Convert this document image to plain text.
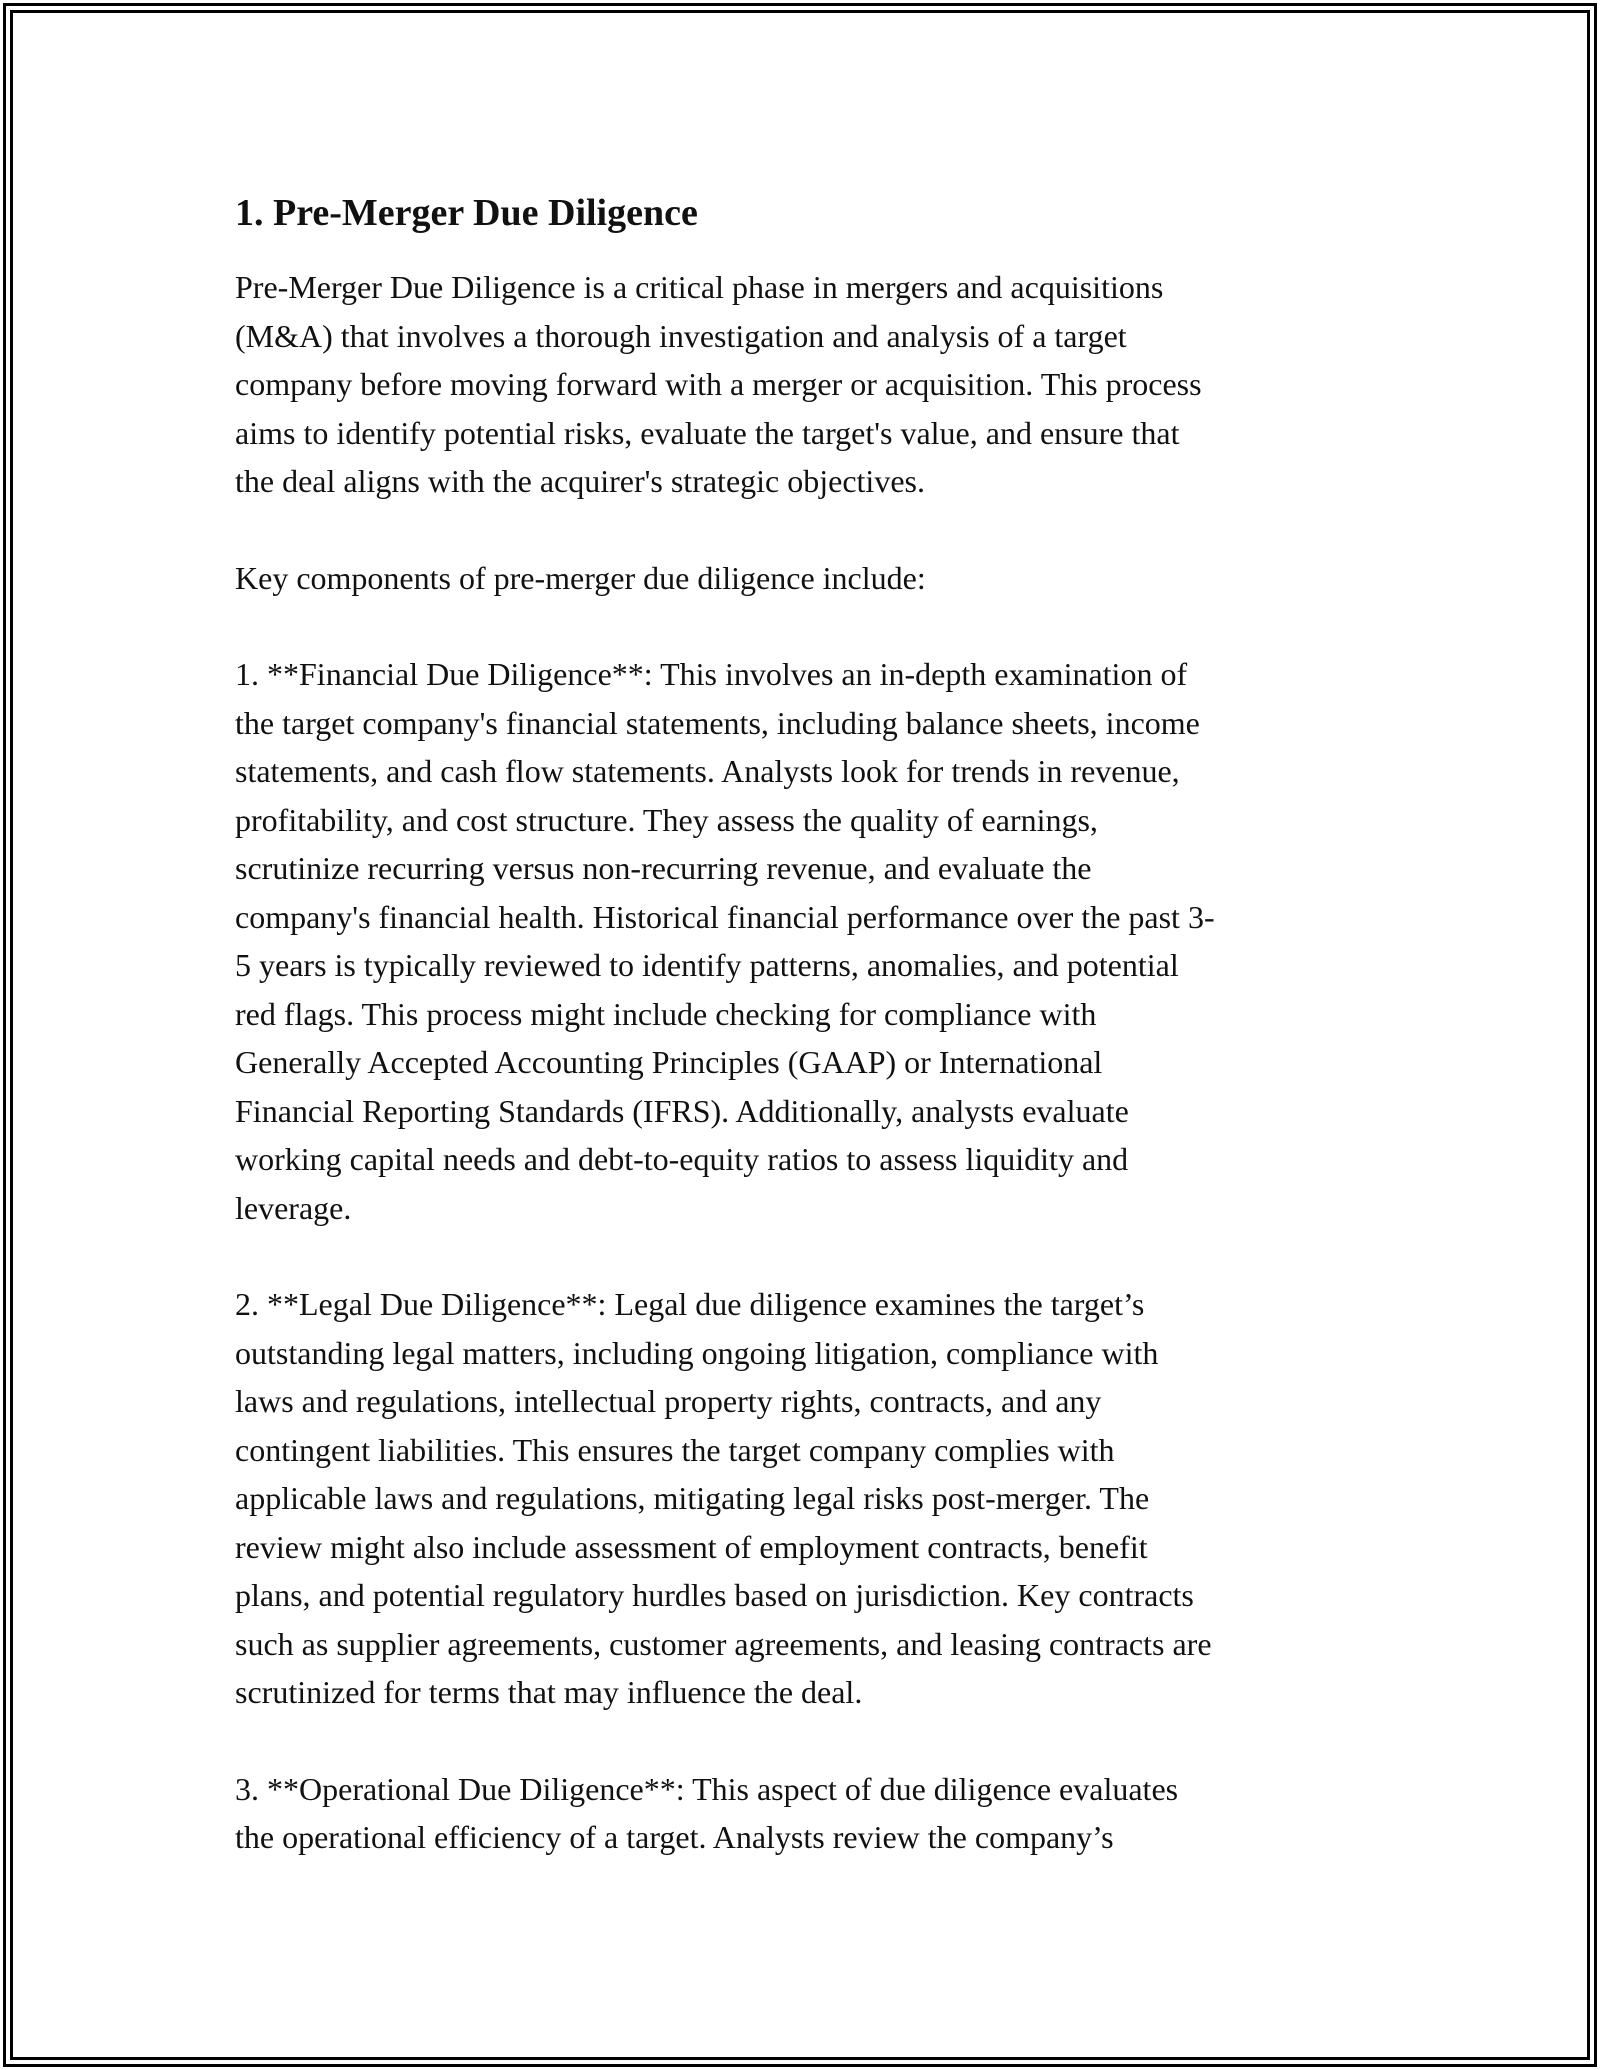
1. Pre-Merger Due Diligence

Pre-Merger Due Diligence is a critical phase in mergers and acquisitions
(M&A) that involves a thorough investigation and analysis of a target
company before moving forward with a merger or acquisition. This process
aims to identify potential risks, evaluate the target's value, and ensure that
the deal aligns with the acquirer's strategic objectives.

Key components of pre-merger due diligence include:

1. **Financial Due Diligence**: This involves an in-depth examination of
the target company's financial statements, including balance sheets, income
statements, and cash flow statements. Analysts look for trends in revenue,
profitability, and cost structure. They assess the quality of earnings,
scrutinize recurring versus non-recurring revenue, and evaluate the
company's financial health. Historical financial performance over the past 3-
5 years is typically reviewed to identify patterns, anomalies, and potential
red flags. This process might include checking for compliance with
Generally Accepted Accounting Principles (GAAP) or International
Financial Reporting Standards (IFRS). Additionally, analysts evaluate
working capital needs and debt-to-equity ratios to assess liquidity and
leverage.

2. **Legal Due Diligence**: Legal due diligence examines the target’s
outstanding legal matters, including ongoing litigation, compliance with
laws and regulations, intellectual property rights, contracts, and any
contingent liabilities. This ensures the target company complies with
applicable laws and regulations, mitigating legal risks post-merger. The
review might also include assessment of employment contracts, benefit
plans, and potential regulatory hurdles based on jurisdiction. Key contracts
such as supplier agreements, customer agreements, and leasing contracts are
scrutinized for terms that may influence the deal.

3. **Operational Due Diligence**: This aspect of due diligence evaluates
the operational efficiency of a target. Analysts review the company’s
